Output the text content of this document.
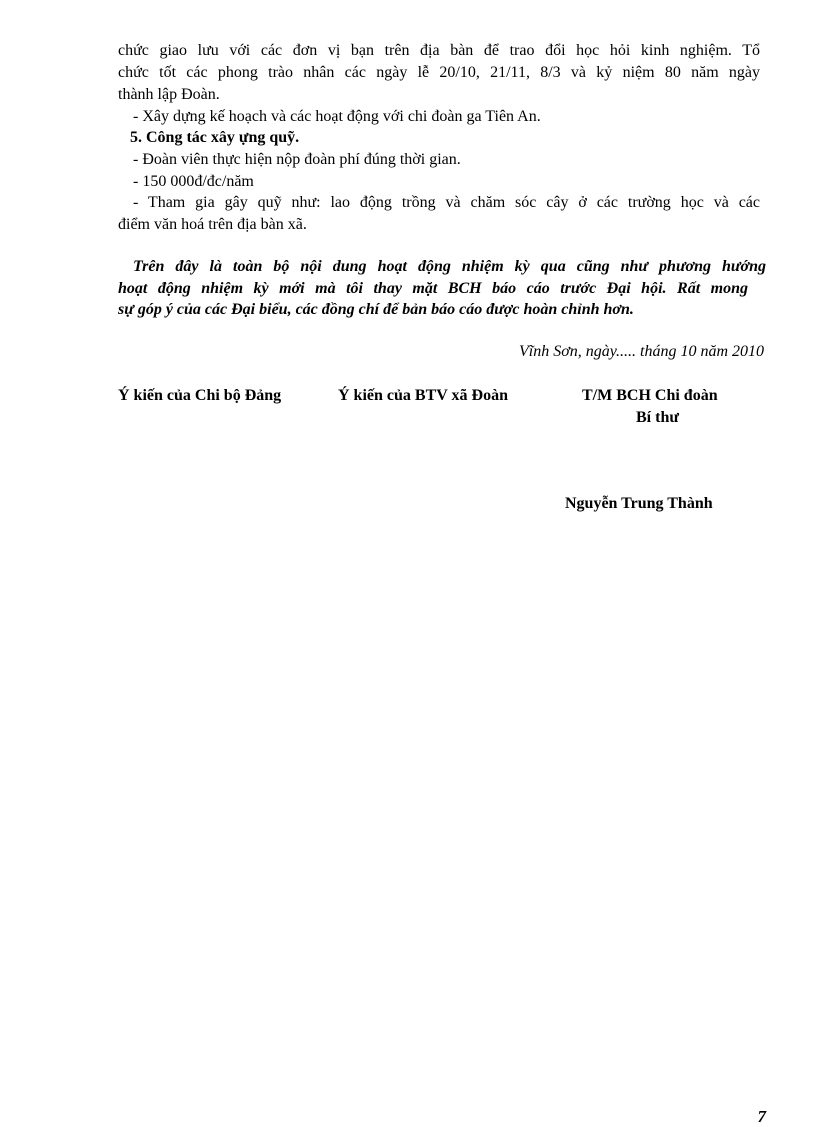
chức giao lưu với các đơn vị bạn trên địa bàn để trao đổi học hỏi kinh nghiệm. Tổ
chức tốt các phong trào nhân các ngày lễ 20/10, 21/11, 8/3 và kỷ niệm 80 năm ngày
thành lập Đoàn.
- Xây dựng kế hoạch và các hoạt động với chi đoàn ga Tiên An.
5. Công tác xây ựng quỹ.
- Đoàn viên thực hiện nộp đoàn phí đúng thời gian.
- 150 000đ/đc/năm
- Tham gia gây quỹ như: lao động trồng và chăm sóc cây ở các trường học và các
điểm văn hoá trên địa bàn xã.
Trên đây là toàn bộ nội dung hoạt động nhiệm kỳ qua cũng như phương hướng
hoạt động nhiệm kỳ mới mà tôi thay mặt BCH báo cáo trước Đại hội. Rất mong
sự góp ý của các Đại biểu, các đồng chí để bản báo cáo được hoàn chỉnh hơn.
Vĩnh Sơn, ngày..... tháng 10 năm 2010
Ý kiến của Chi bộ Đảng	Ý kiến của BTV xã Đoàn	T/M BCH Chi đoàn
Bí thư
Nguyễn Trung Thành
7
